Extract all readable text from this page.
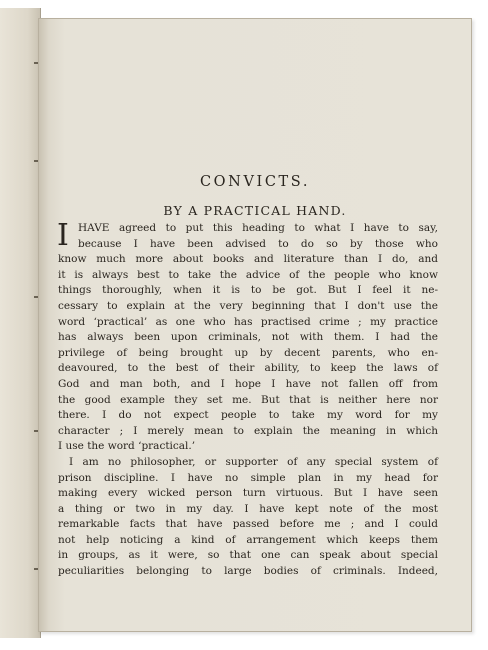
CONVICTS.
BY A PRACTICAL HAND.
I HAVE agreed to put this heading to what I have to say,
because I have been advised to do so by those who
know much more about books and literature than I do, and
it is always best to take the advice of the people who know
things thoroughly, when it is to be got. But I feel it ne-
cessary to explain at the very beginning that I don't use the
word ‘practical’ as one who has practised crime ; my practice
has always been upon criminals, not with them. I had the
privilege of being brought up by decent parents, who en-
deavoured, to the best of their ability, to keep the laws of
God and man both, and I hope I have not fallen off from
the good example they set me. But that is neither here nor
there. I do not expect people to take my word for my
character ; I merely mean to explain the meaning in which
I use the word ‘practical.’
I am no philosopher, or supporter of any special system of
prison discipline. I have no simple plan in my head for
making every wicked person turn virtuous. But I have seen
a thing or two in my day. I have kept note of the most
remarkable facts that have passed before me ; and I could
not help noticing a kind of arrangement which keeps them
in groups, as it were, so that one can speak about special
peculiarities belonging to large bodies of criminals. Indeed,
